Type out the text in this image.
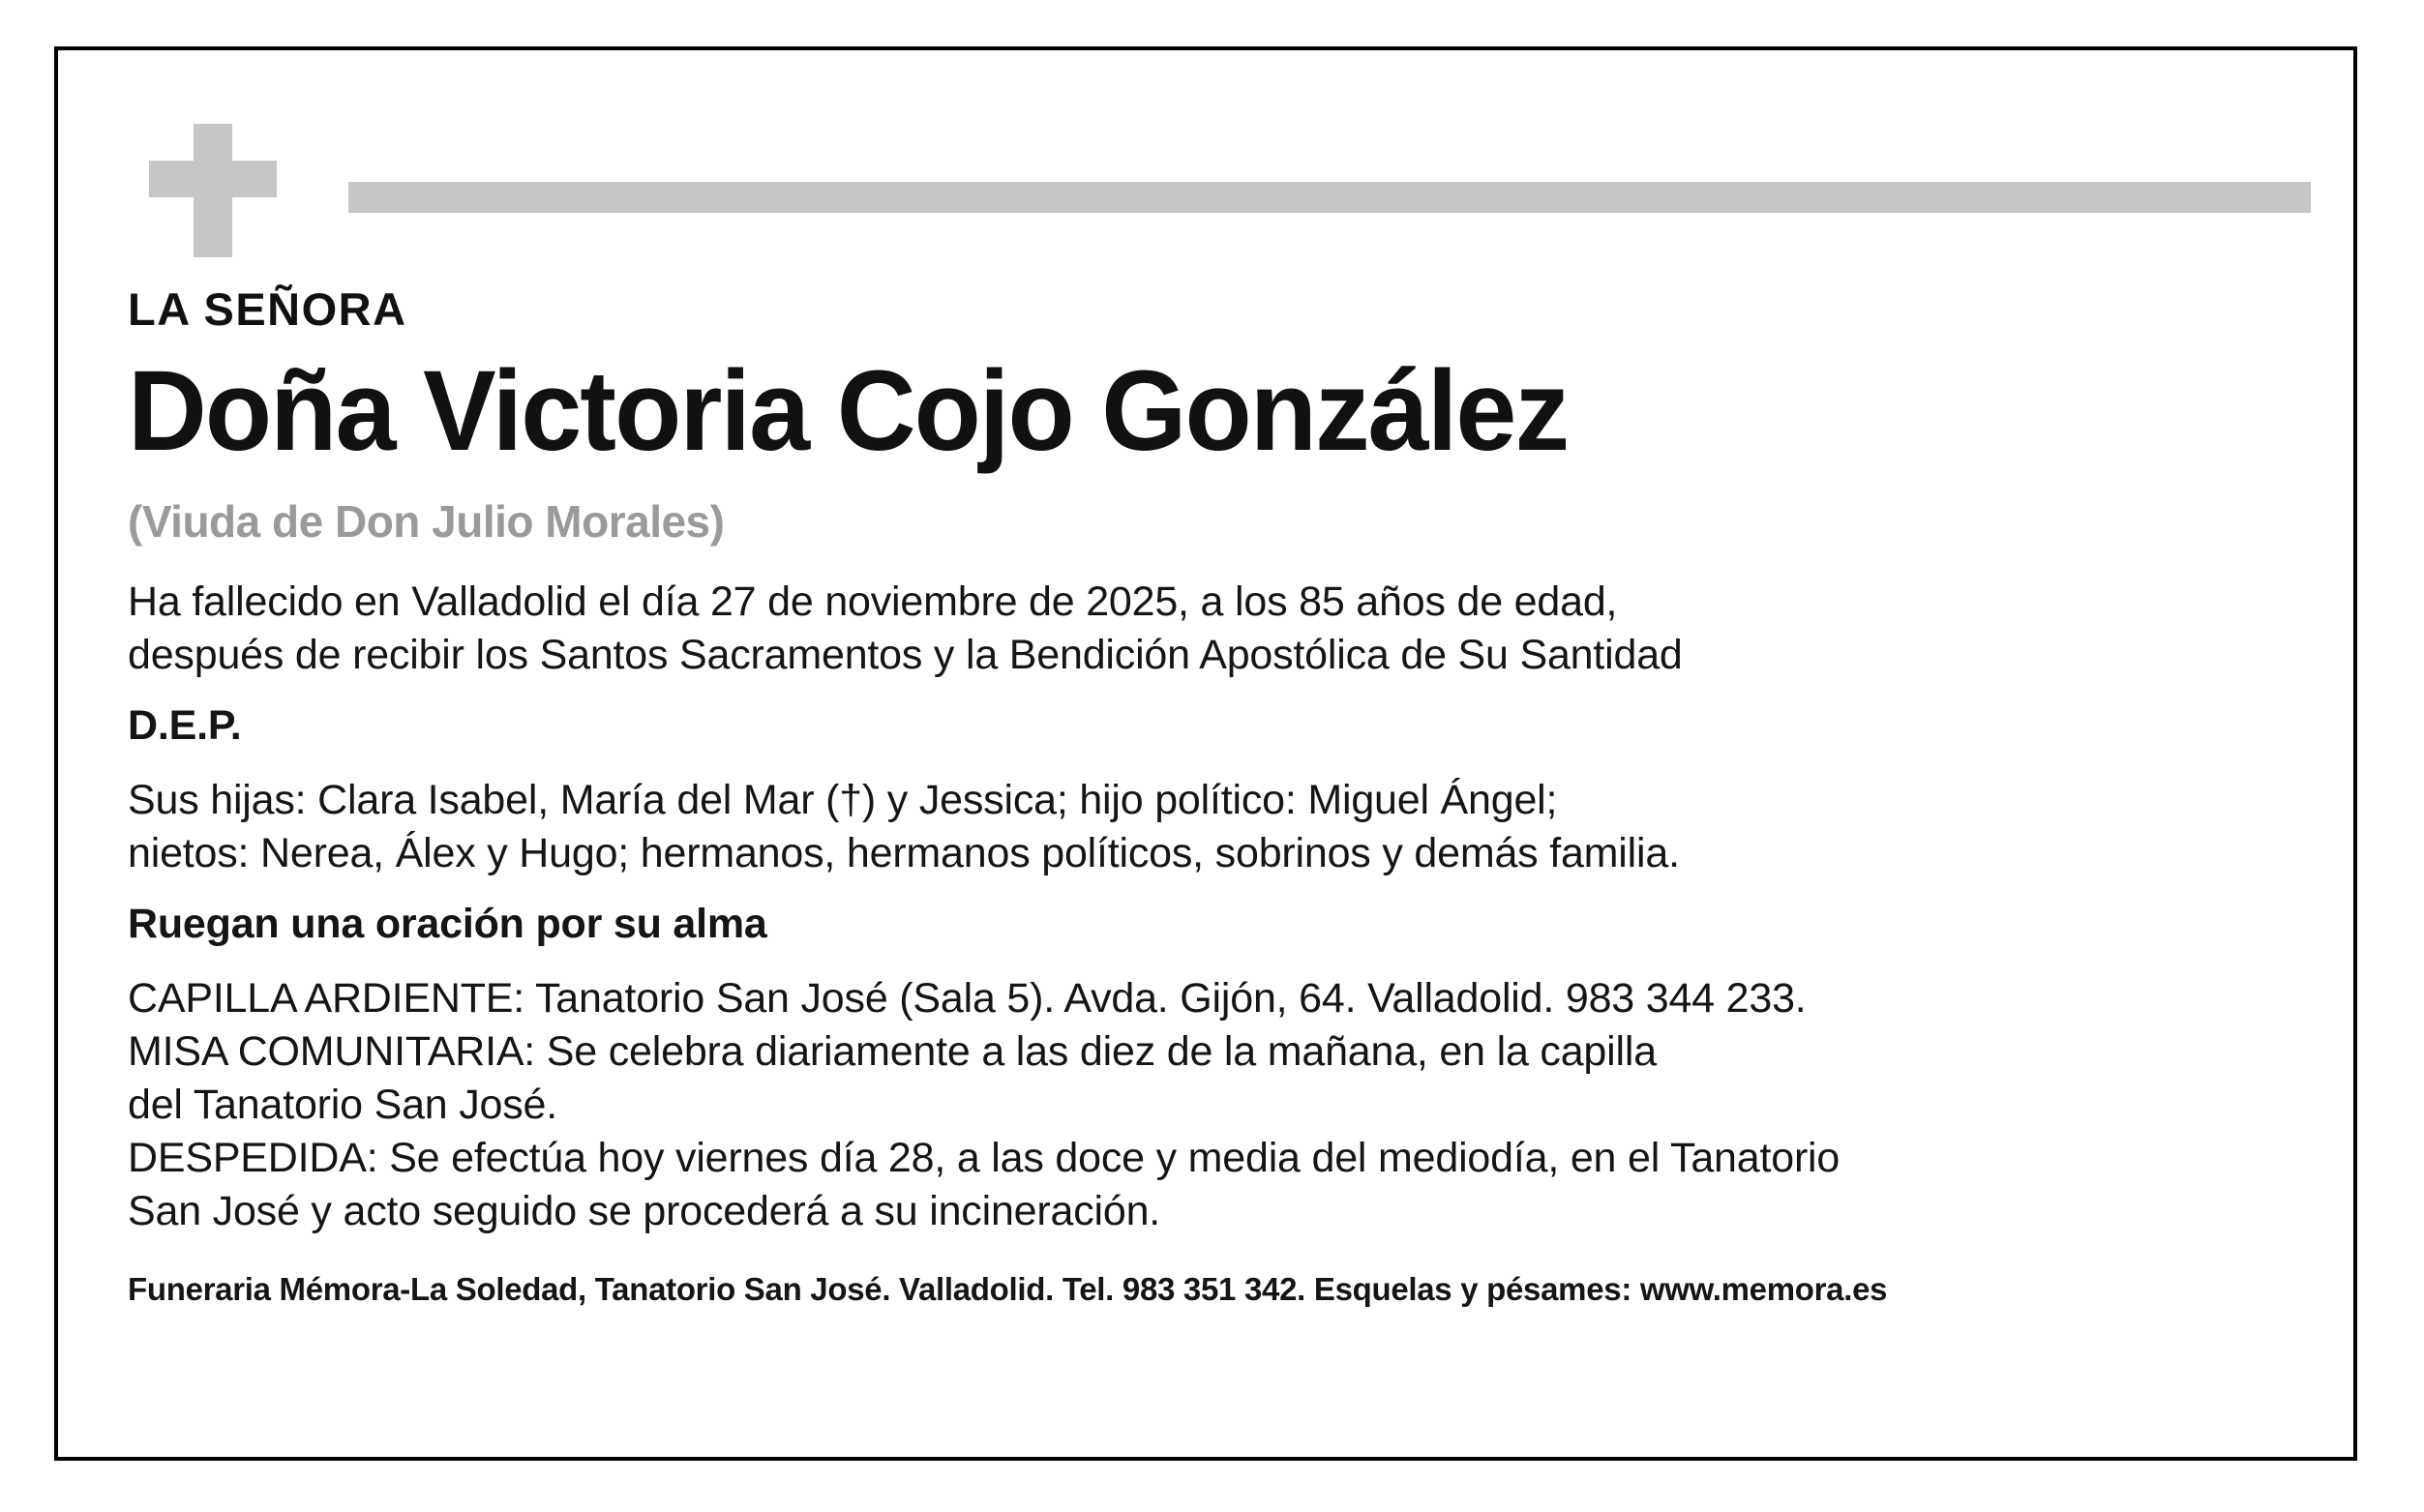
LA SEÑORA

Doña Victoria Cojo González

(Viuda de Don Julio Morales)

Ha fallecido en Valladolid el día 27 de noviembre de 2025, a los 85 años de edad,

después de recibir los Santos Sacramentos y la Bendición Apostólica de Su Santidad

D.E.P.

Sus hijas: Clara Isabel, María del Mar (†) y Jessica; hijo político: Miguel Ángel;

nietos: Nerea, Álex y Hugo; hermanos, hermanos políticos, sobrinos y demás familia.

Ruegan una oración por su alma

CAPILLA ARDIENTE: Tanatorio San José (Sala 5). Avda. Gijón, 64. Valladolid. 983 344 233.

MISA COMUNITARIA: Se celebra diariamente a las diez de la mañana, en la capilla

del Tanatorio San José.

DESPEDIDA: Se efectúa hoy viernes día 28, a las doce y media del mediodía, en el Tanatorio

San José y acto seguido se procederá a su incineración.

Funeraria Mémora-La Soledad, Tanatorio San José. Valladolid. Tel. 983 351 342. Esquelas y pésames: www.memora.es
